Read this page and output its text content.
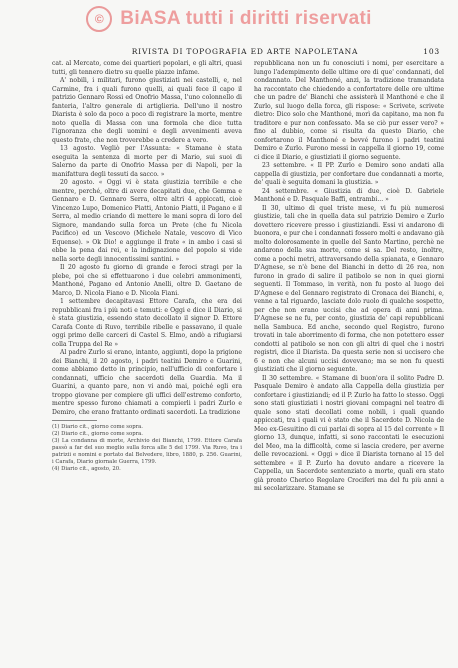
© BiASA tutti i diritti riservati
RIVISTA DI TOPOGRAFIA ED ARTE NAPOLETANA	103

cat. al Mercato, come dei quartieri popolari, e gli altri, quasi tutti, gli tennero dietro su quelle piazze infame.

A' nobili, i militari, furono giustiziati nei castelli, e, nel Carmine, fra i quali furono quelli, ai quali fece il capo il patrizio Gennaro Rossi ed Onofrio Massa, l'uno colonnello di fanteria, l'altro generale di artiglieria. Dell'uno il nostro Diarista è solo da poco a poco di registrare la morte, mentre noto quella di Massa con una formola che dice tutta l'ignoranza che degli uomini e degli avvenimenti aveva questo frate, che non troverebbe a credere a vero.

13 agosto. Vegliò per l'Assunta: « Stamane è stata eseguita la sentenza di morte per di Mario, sui suoi di Salerno da parte di Onofrio Massa per di Napoli, per la manifattura degli tessuti da sacco. »

20 agosto. « Oggi vi è stata giustizia terribile e che mentre, perché, oltre di avere decapitati due, che Gemma e Gennaro e D. Gennaro Serra, oltre altri 4 appiccati, cioè Vincenzo Lupo, Domenico Piatti, Antonio Piatti, il Pagano e il Serra, al medio criando di mettere le mani sopra di loro del Signore, mandando sulla forca un Prete (che fu Nicola Pacifico) ed un Vescovo (Michele Natale, vescovo di Vico Equense). » Ok Dio! e aggiunge il frate « in ambo i casi si ebbe la pena dai rei, e la indignazione del popolo si vide nella sorte degli innocentissimi santini. »

Il 20 agosto fu giorno di grande e feroci stragi per la plebe, poi che si effettuarono i due celebri ammonimenti, Manthoné, Pagano ed Antonio Anelli, oltre D. Gaetano de Marco, D. Nicola Fiano e D. Nicola Fiani.

1 settembre decapitavasi Ettore Carafa, che era dei repubblicani fra i più noti e temuti: e Oggi e dice il Diario, si è stata giustizia, essendo stato decollato il signor D. Ettore Carafa Conte di Ruvo, terribile ribelle e passavano, il quale oggi primo delle carceri di Castel S. Elmo, andò a rifugiarsi colla Truppa del Re »

Al padre Zurlo si erano, intanto, aggiunti, dopo la prigione dei Bianchi, il 20 agosto, i padri teatini Demiro e Guarini, come abbiamo detto in principio, nell'ufficio di confortare i condannati, ufficio che sacerdoti della Guardia. Ma il Guarini, a quanto pare, non vi andò mai, poiché egli era troppo giovane per compiere gli uffici dell'estremo conforto, mentre spesso furono chiamati a compierli i padri Zurlo e Demiro, che erano frattanto ordinati sacerdoti. La tradizione

(1) Diario cit., giorno come sopra.

(2) Diario cit., giorno come sopra.

(3) La condanna di morte, Archivio dei Bianchi, 1799. Ettore Carafa passò a far del suo meglio sulla forca alle 5 del 1799. Via Ruvo, tra i patrizii e nomini e portato dal Belvedere, libro, 1880, p. 256. Guarini, i Carafa, Diario giornale Guerra, 1799.

(4) Diario cit., agosto, 20.

repubblicana non un fu conosciuti i nomi, per esercitare a lungo l'adempimento delle ultime ore di que' condannati, del condannato. Del Manthoné, anzi, la tradizione tramandata ha raccontato che chiedendo a confortatore delle ore ultime che un padre de' Bianchi che assisterà il Manthoné e che il Zurlo, sul luogo della forca, gli rispose: « Scrivete, scrivete dietro: Dico solo che Manthoné, morì da capitano, ma non fu traditore e pur non confessato. Ma se ciò pur esser vero? » fino al dubbio, come si risulta da questo Diario, che confortarono il Manthoné e bevvé furono i padri teatini Demiro e Zurlo. Furono messi in cappella il giorno 19, come ci dice il Diario, e giustiziati il giorno seguente.

23 settembre. « Il PP. Zurlo e Demiro sono andati alla cappella di giustizia, per confortare due condannati a morte, de' quali è seguita domani la giustizia. »

24 settembre. « Giustizia di due, cioè D. Gabriele Manthoné e D. Pasquale Baffi, entrambi... »

Il 30, ultimo di quel triste mese, vi fu più numerosi giustizie, tali che in quella data sul patrizio Demiro e Zurlo dovettero ricevere presso i giustiziandi. Essi vi andarono di buonora, e pur che i condannati fossero molti e andavano già molto dolorosamente in quelle del Santo Martino, perchè ne andarono della sua morte, come si sa. Del resto, inoltre, come a pochi metri, attraversando della spianata, e Gennaro D'Agnese, se n'è bene del Bianchi in detto di 26 rea, non furono in grado di salire il patibolo se non in quei giorni seguenti. Il Tommaso, in verità, non fu posto al luogo dei D'Agnese e del Gennaro registrato di Cronaca dei Bianchi, e, venne a tal riguardo, lasciate dolo ruolo di qualche sospetto, per che non erano uccisi che ad opera di anni prima. D'Agnese se ne fu, per conto, giustizia de' capi repubblicani nella Sambuca. Ed anche, secondo quel Registro, furono trovati in tale aborrimento di forma, che non potettero esser condotti al patibolo se non con gli altri di quel che i nostri registri, dice il Diarista. Da questa serie non si uccisero che 6 e non che alcuni uccisi dovevano; ma se non fu questi giustiziati che il giorno seguente.

Il 30 settembre. « Stamane di buon'ora il solito Padre D. Pasquale Demiro è andato alla Cappella della giustizia per confortare i giustiziandi; ed il P. Zurlo ha fatto lo stesso. Oggi sono stati giustiziati i nostri giovani compagni nel teatro di quale sono stati decollati come nobili, i quali quando appiccati, tra i quali vi è stato che il Sacerdote D. Nicola de Meo ex-Gesuitino di cui parlai di sopra al 15 del corrente » Il giorno 13, dunque, infatti, si sono raccontati le esecuzioni del Meo, ma la difficoltà, come si lascia credere, per averne delle revocazioni. « Oggi » dice il Diarista tornano al 15 del settembre « il P. Zurlo ha dovuto andare a ricevere la Cappella, un Sacerdote sentenziato a morte, quali era stato già pronto Cherico Regolare Crociferi ma del fu più anni a mi secolarizzare. Stamane se
